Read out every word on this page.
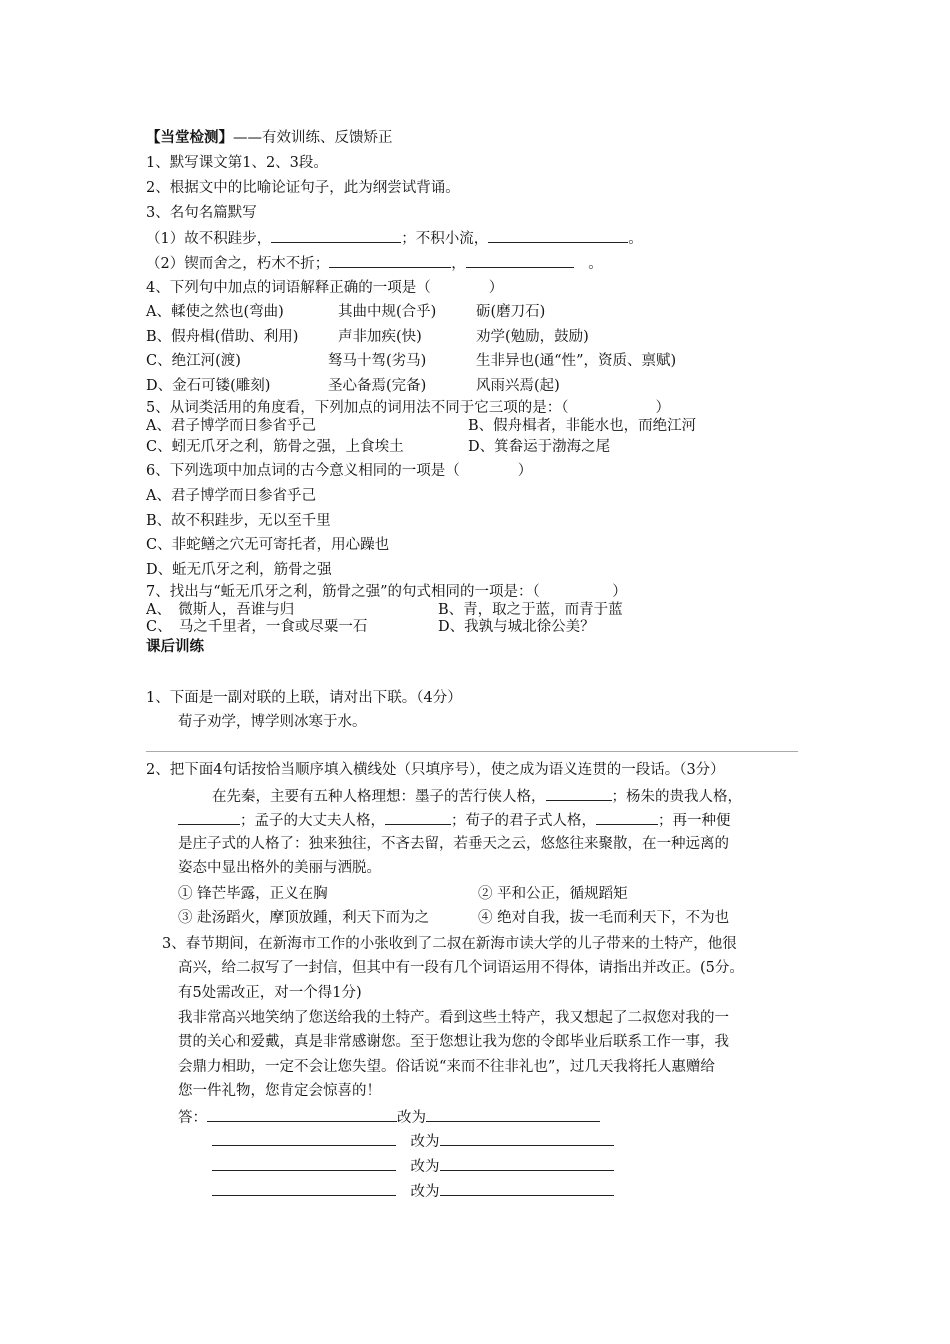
【当堂检测】——有效训练、反馈矫正
1、默写课文第1、2、3段。
2、根据文中的比喻论证句子，此为纲尝试背诵。
3、名句名篇默写
（1）故不积跬步，	；不积小流，	。
（2）锲而舍之，朽木不折；	，　	。
4、下列句中加点的词语解释正确的一项是（　　　　）
A、輮使之然也(弯曲)	其曲中规(合乎)	砺(磨刀石)
B、假舟楫(借助、利用)	声非加疾(快)	劝学(勉励，鼓励)
C、绝江河(渡)	驽马十驾(劣马)	生非异也(通“性”，资质、禀赋)
D、金石可镂(雕刻)	圣心备焉(完备)	风雨兴焉(起)
5、从词类活用的角度看，下列加点的词用法不同于它三项的是：（　　　　　　）
A、君子博学而日参省乎己	B、假舟楫者，非能水也，而绝江河
C、蚓无爪牙之利，筋骨之强，上食埃土	D、箕畚运于渤海之尾
6、下列选项中加点词的古今意义相同的一项是（　　　　）
A、君子博学而日参省乎己
B、故不积跬步，无以至千里
C、非蛇鳝之穴无可寄托者，用心躁也
D、蚯无爪牙之利，筋骨之强
7、找出与“蚯无爪牙之利，筋骨之强”的句式相同的一项是：（　　　　　）
A、　微斯人，吾谁与归	B、青，取之于蓝，而青于蓝
C、　马之千里者，一食或尽粟一石	D、我孰与城北徐公美？
课后训练
1、下面是一副对联的上联，请对出下联。（4分）
荀子劝学，博学则冰寒于水。
2、把下面4句话按恰当顺序填入横线处（只填序号），使之成为语义连贯的一段话。（3分）
在先秦，主要有五种人格理想：墨子的苦行侠人格，	；杨朱的贵我人格，
；孟子的大丈夫人格，	；荀子的君子式人格，	；再一种便
是庄子式的人格了：独来独往，不吝去留，若垂天之云，悠悠往来聚散，在一种远离的
姿态中显出格外的美丽与洒脱。
① 锋芒毕露，正义在胸	② 平和公正，循规蹈矩
③ 赴汤蹈火，摩顶放踵，利天下而为之	④ 绝对自我，拔一毛而利天下，不为也
3、春节期间，在新海市工作的小张收到了二叔在新海市读大学的儿子带来的土特产，他很
高兴，给二叔写了一封信，但其中有一段有几个词语运用不得体，请指出并改正。(5分。
有5处需改正，对一个得1分)
我非常高兴地笑纳了您送给我的土特产。看到这些土特产，我又想起了二叔您对我的一
贯的关心和爱戴，真是非常感谢您。至于您想让我为您的令郎毕业后联系工作一事，我
会鼎力相助，一定不会让您失望。俗话说“来而不往非礼也”，过几天我将托人惠赠给
您一件礼物，您肯定会惊喜的！
答：	改为
　改为
　改为
　改为
